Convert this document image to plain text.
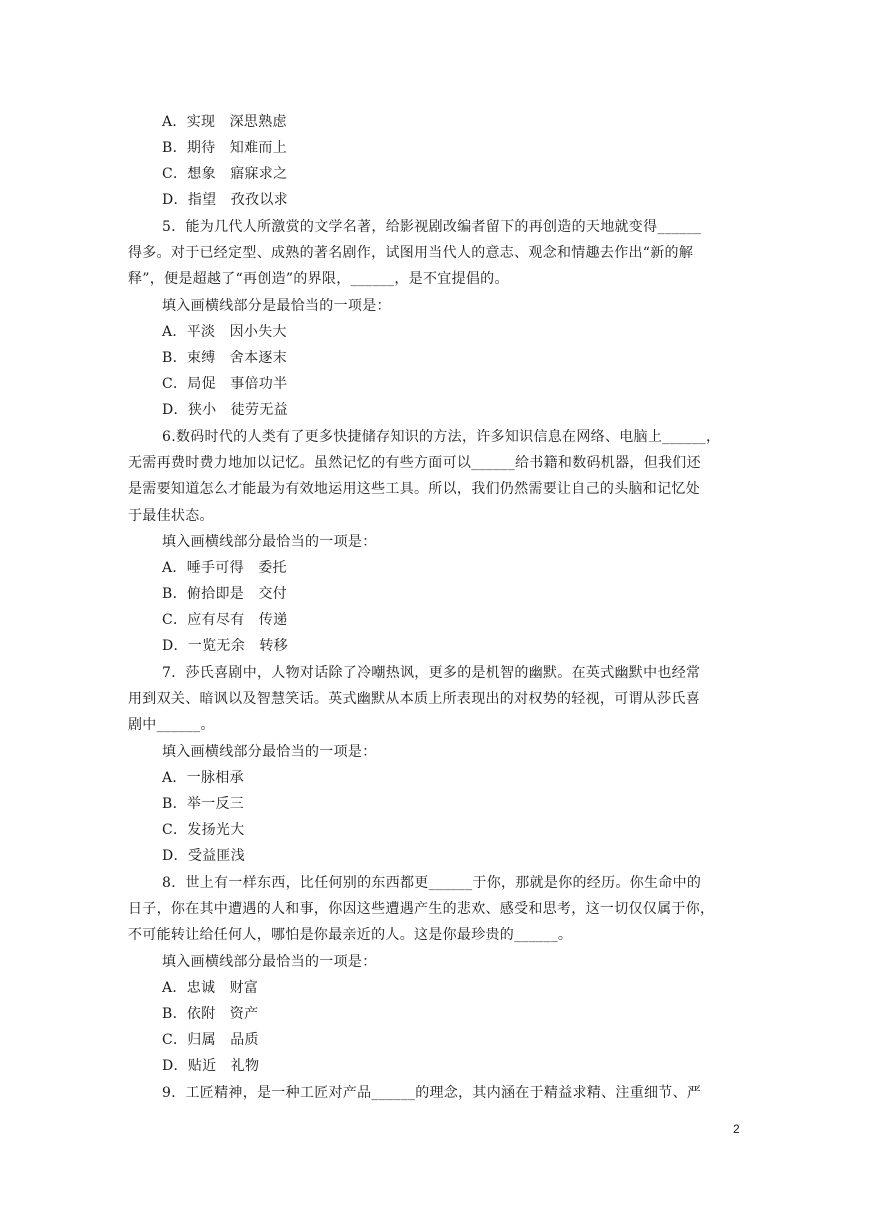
A．实现　深思熟虑
B．期待　知难而上
C．想象　寤寐求之
D．指望　孜孜以求
5．能为几代人所激赏的文学名著，给影视剧改编者留下的再创造的天地就变得______
得多。对于已经定型、成熟的著名剧作，试图用当代人的意志、观念和情趣去作出“新的解
释”，便是超越了“再创造”的界限，______，是不宜提倡的。
填入画横线部分是最恰当的一项是：
A．平淡　因小失大
B．束缚　舍本逐末
C．局促　事倍功半
D．狭小　徒劳无益
6.数码时代的人类有了更多快捷储存知识的方法，许多知识信息在网络、电脑上______，
无需再费时费力地加以记忆。虽然记忆的有些方面可以______给书籍和数码机器，但我们还
是需要知道怎么才能最为有效地运用这些工具。所以，我们仍然需要让自己的头脑和记忆处
于最佳状态。
填入画横线部分最恰当的一项是：
A．唾手可得　委托
B．俯拾即是　交付
C．应有尽有　传递
D．一览无余　转移
7．莎氏喜剧中，人物对话除了冷嘲热讽，更多的是机智的幽默。在英式幽默中也经常
用到双关、暗讽以及智慧笑话。英式幽默从本质上所表现出的对权势的轻视，可谓从莎氏喜
剧中______。
填入画横线部分最恰当的一项是：
A．一脉相承
B．举一反三
C．发扬光大
D．受益匪浅
8．世上有一样东西，比任何别的东西都更______于你，那就是你的经历。你生命中的
日子，你在其中遭遇的人和事，你因这些遭遇产生的悲欢、感受和思考，这一切仅仅属于你，
不可能转让给任何人，哪怕是你最亲近的人。这是你最珍贵的______。
填入画横线部分最恰当的一项是：
A．忠诚　财富
B．依附　资产
C．归属　品质
D．贴近　礼物
9．工匠精神，是一种工匠对产品______的理念，其内涵在于精益求精、注重细节、严
2
